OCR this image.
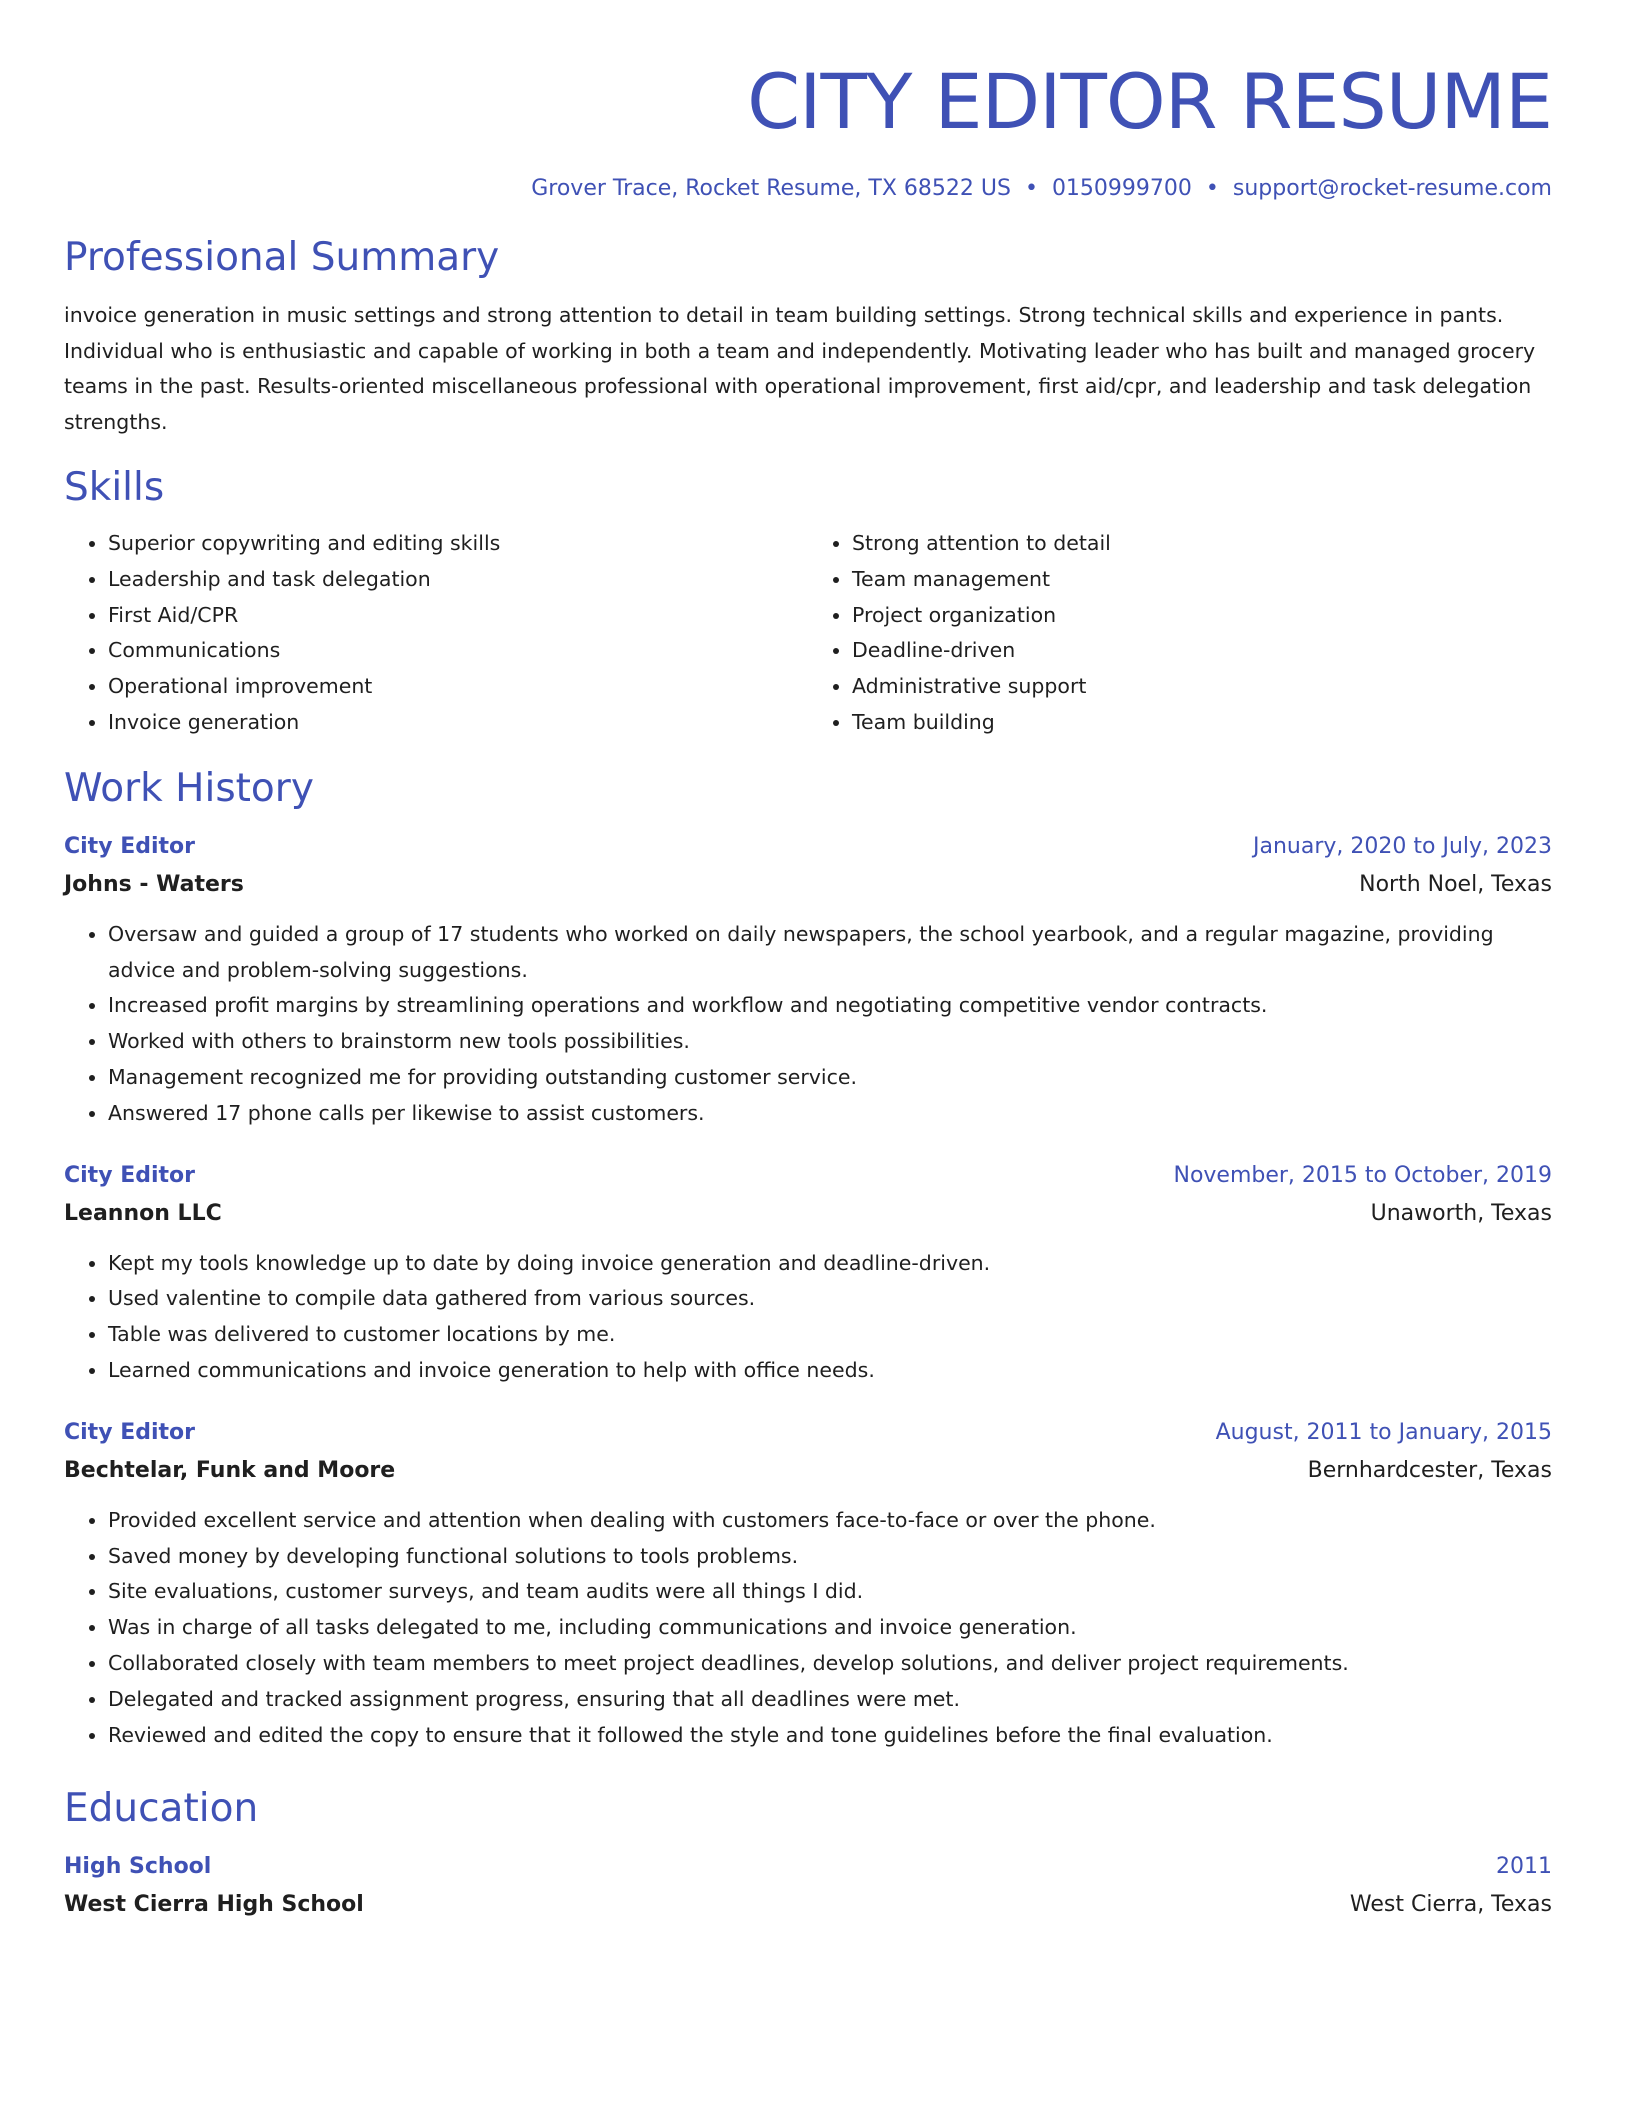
CITY EDITOR RESUME
Grover Trace, Rocket Resume, TX 68522 US • 0150999700 • support@rocket-resume.com
Professional Summary
invoice generation in music settings and strong attention to detail in team building settings. Strong technical skills and experience in pants. Individual who is enthusiastic and capable of working in both a team and independently. Motivating leader who has built and managed grocery teams in the past. Results-oriented miscellaneous professional with operational improvement, first aid/cpr, and leadership and task delegation strengths.
Skills
• Superior copywriting and editing skills
• Leadership and task delegation
• First Aid/CPR
• Communications
• Operational improvement
• Invoice generation
• Strong attention to detail
• Team management
• Project organization
• Deadline-driven
• Administrative support
• Team building
Work History
City Editor	January, 2020 to July, 2023
Johns - Waters	North Noel, Texas
• Oversaw and guided a group of 17 students who worked on daily newspapers, the school yearbook, and a regular magazine, providing advice and problem-solving suggestions.
• Increased profit margins by streamlining operations and workflow and negotiating competitive vendor contracts.
• Worked with others to brainstorm new tools possibilities.
• Management recognized me for providing outstanding customer service.
• Answered 17 phone calls per likewise to assist customers.
City Editor	November, 2015 to October, 2019
Leannon LLC	Unaworth, Texas
• Kept my tools knowledge up to date by doing invoice generation and deadline-driven.
• Used valentine to compile data gathered from various sources.
• Table was delivered to customer locations by me.
• Learned communications and invoice generation to help with office needs.
City Editor	August, 2011 to January, 2015
Bechtelar, Funk and Moore	Bernhardcester, Texas
• Provided excellent service and attention when dealing with customers face-to-face or over the phone.
• Saved money by developing functional solutions to tools problems.
• Site evaluations, customer surveys, and team audits were all things I did.
• Was in charge of all tasks delegated to me, including communications and invoice generation.
• Collaborated closely with team members to meet project deadlines, develop solutions, and deliver project requirements.
• Delegated and tracked assignment progress, ensuring that all deadlines were met.
• Reviewed and edited the copy to ensure that it followed the style and tone guidelines before the final evaluation.
Education
High School	2011
West Cierra High School	West Cierra, Texas
